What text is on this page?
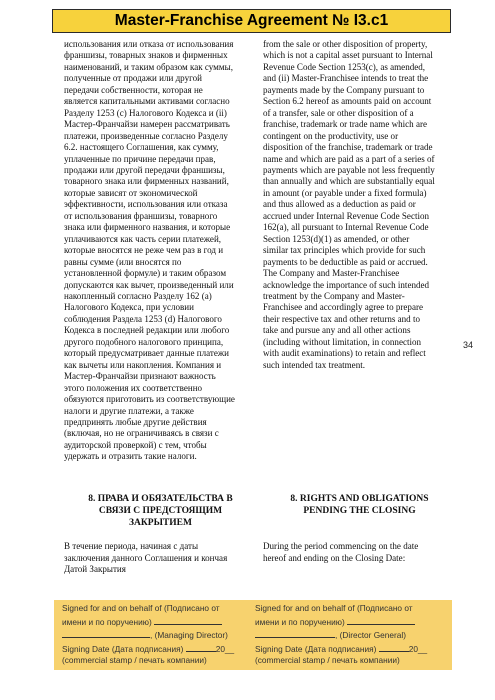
Master-Franchise Agreement № I3.c1

использования или отказа от использования

франшизы, товарных знаков и фирменных

наименований, и таким образом как суммы,

полученные от продажи или другой

передачи собственности, которая не

является капитальными активами согласно

Разделу 1253 (c) Налогового Кодекса и (ii)

Мастер-Франчайзи намерен рассматривать

платежи, произведенные согласно Разделу

6.2. настоящего Соглашения, как сумму,

уплаченные по причине передачи прав,

продажи или другой передачи франшизы,

товарного знака или фирменных названий,

которые зависят от экономической

эффективности, использования или отказа

от использования франшизы, товарного

знака или фирменного названия, и которые

уплачиваются как часть серии платежей,

которые вносятся не реже чем раз в год и

равны сумме (или вносятся по

установленной формуле) и таким образом

допускаются как вычет, произведенный или

накопленный согласно Разделу 162 (а)

Налогового Кодекса, при условии

соблюдения Раздела 1253 (d) Налогового

Кодекса в последней редакции или любого

другого подобного налогового принципа,

который предусматривает данные платежи

как вычеты или накопления. Компания и

Мастер-Франчайзи признают важность

этого положения их соответственно

обязуются приготовить из соответствующие

налоги и другие платежи, а также

предпринять любые другие действия

(включая, но не ограничиваясь в связи с

аудиторской проверкой) с тем, чтобы

удержать и отразить такие налоги.

from the sale or other disposition of property,

which is not a capital asset pursuant to Internal

Revenue Code Section 1253(c), as amended,

and (ii) Master-Franchisee intends to treat the

payments made by the Company pursuant to

Section 6.2 hereof as amounts paid on account

of a transfer, sale or other disposition of a

franchise, trademark or trade name which are

contingent on the productivity, use or

disposition of the franchise, trademark or trade

name and which are paid as a part of a series of

payments which are payable not less frequently

than annually and which are substantially equal

in amount (or payable under a fixed formula)

and thus allowed as a deduction as paid or

accrued under Internal Revenue Code Section

162(a), all pursuant to Internal Revenue Code

Section 1253(d)(1) as amended, or other

similar tax principles which provide for such

payments to be deductible as paid or accrued.

The Company and Master-Franchisee

acknowledge the importance of such intended

treatment by the Company and Master-

Franchisee and accordingly agree to prepare

their respective tax and other returns and to

take and pursue any and all other actions

(including without limitation, in connection

with audit examinations) to retain and reflect

such intended tax treatment.

34
8. ПРАВА И ОБЯЗАТЕЛЬСТВА В
СВЯЗИ С ПРЕДСТОЯЩИМ
ЗАКРЫТИЕМ
8. RIGHTS AND OBLIGATIONS
PENDING THE CLOSING
В течение периода, начиная с даты
заключения данного Соглашения и кончая
Датой Закрытия
During the period commencing on the date
hereof and ending on the Closing Date:
Signed for and on behalf of (Подписано от
имени и по поручению)
, (Managing Director)
Signing Date (Дата подписания)	20__
(commercial stamp / печать компании)
Signed for and on behalf of (Подписано от
имени и по поручению)
, (Director General)
Signing Date (Дата подписания)	20__
(commercial stamp / печать компании)
